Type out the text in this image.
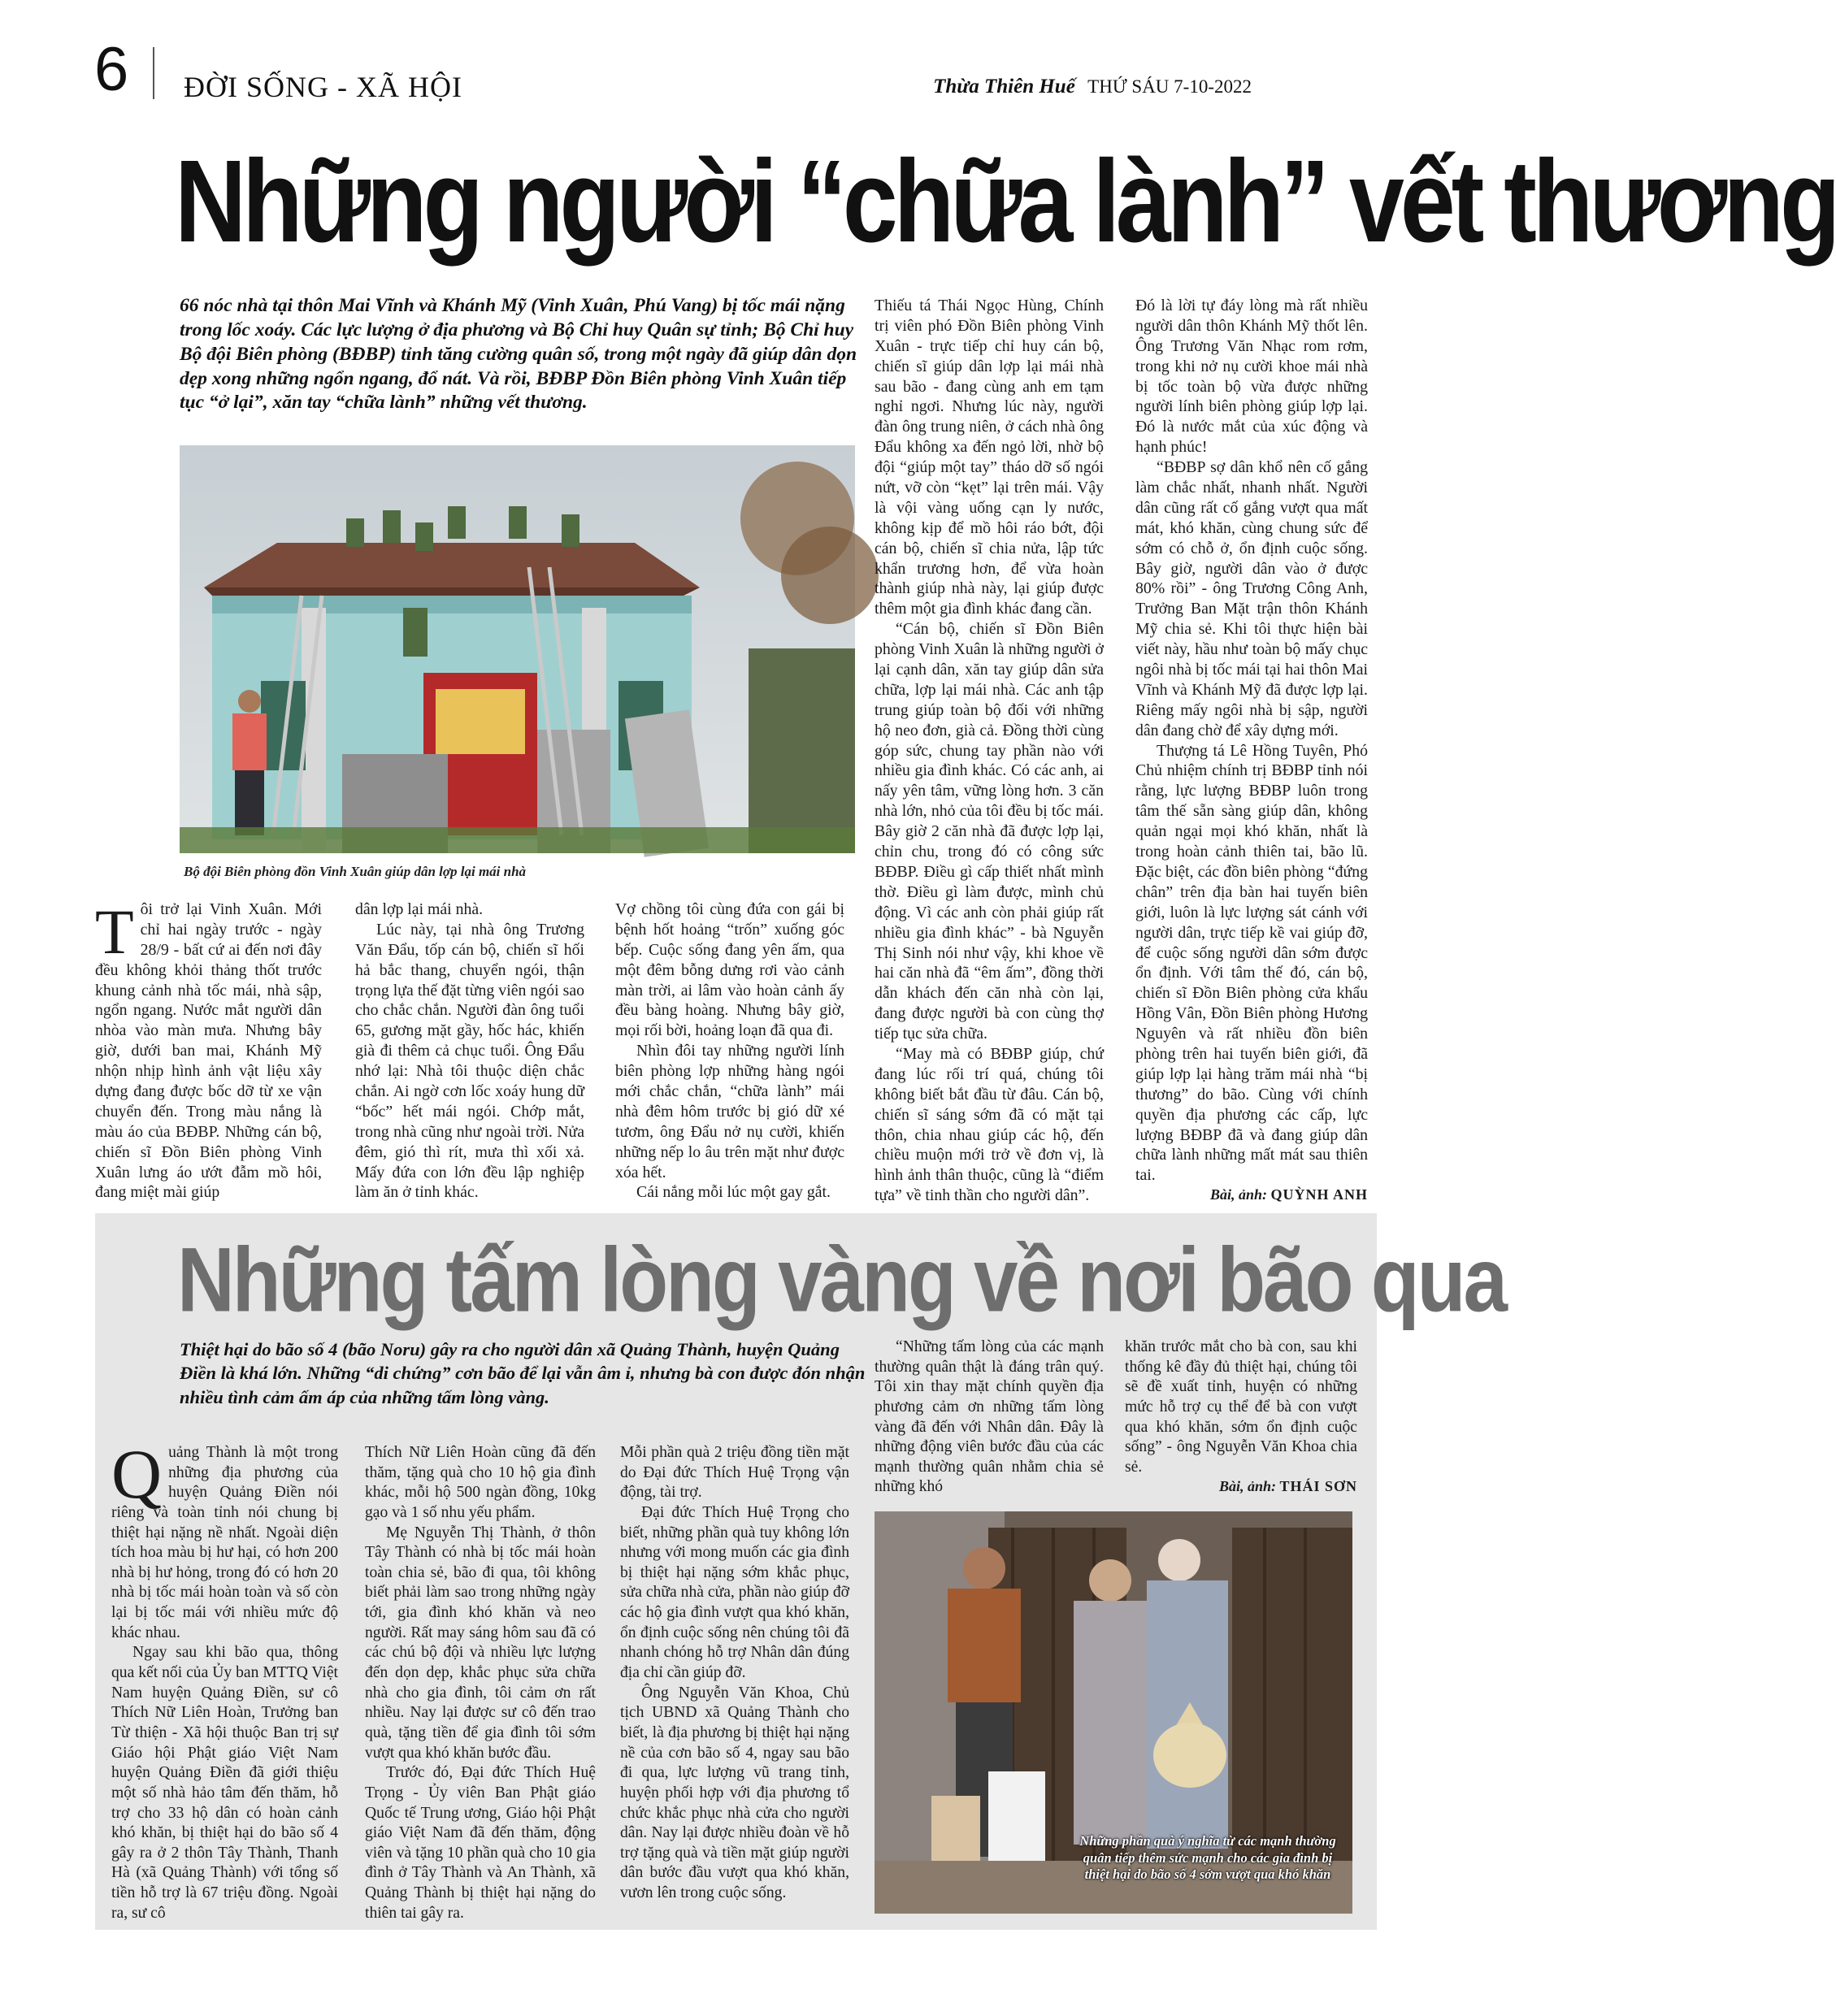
6 ĐỜI SỐNG - XÃ HỘI	Thừa Thiên Huế THỨ SÁU 7-10-2022
Những người “chữa lành” vết thương
66 nóc nhà tại thôn Mai Vĩnh và Khánh Mỹ (Vinh Xuân, Phú Vang) bị tốc mái nặng trong lốc xoáy. Các lực lượng ở địa phương và Bộ Chỉ huy Quân sự tỉnh; Bộ Chỉ huy Bộ đội Biên phòng (BĐBP) tỉnh tăng cường quân số, trong một ngày đã giúp dân dọn dẹp xong những ngổn ngang, đổ nát. Và rồi, BĐBP Đồn Biên phòng Vinh Xuân tiếp tục “ở lại”, xăn tay “chữa lành” những vết thương.
Bộ đội Biên phòng đồn Vinh Xuân giúp dân lợp lại mái nhà

Tôi trở lại Vinh Xuân. Mới chỉ hai ngày trước - ngày 28/9 - bất cứ ai đến nơi đây đều không khỏi thảng thốt trước khung cảnh nhà tốc mái, nhà sập, ngổn ngang. Nước mắt người dân nhòa vào màn mưa. Nhưng bây giờ, dưới ban mai, Khánh Mỹ nhộn nhịp hình ảnh vật liệu xây dựng đang được bốc dỡ từ xe vận chuyển đến. Trong màu nắng là màu áo của BĐBP. Những cán bộ, chiến sĩ Đồn Biên phòng Vinh Xuân lưng áo ướt đẫm mồ hôi, đang miệt mài giúp

dân lợp lại mái nhà.

Lúc này, tại nhà ông Trương Văn Đẩu, tốp cán bộ, chiến sĩ hối hả bắc thang, chuyển ngói, thận trọng lựa thế đặt từng viên ngói sao cho chắc chắn. Người đàn ông tuổi 65, gương mặt gầy, hốc hác, khiến già đi thêm cả chục tuổi. Ông Đẩu nhớ lại: Nhà tôi thuộc diện chắc chắn. Ai ngờ cơn lốc xoáy hung dữ “bốc” hết mái ngói. Chớp mắt, trong nhà cũng như ngoài trời. Nửa đêm, gió thì rít, mưa thì xối xả. Mấy đứa con lớn đều lập nghiệp làm ăn ở tỉnh khác.

Vợ chồng tôi cùng đứa con gái bị bệnh hốt hoảng “trốn” xuống góc bếp. Cuộc sống đang yên ấm, qua một đêm bỗng dưng rơi vào cảnh màn trời, ai lâm vào hoàn cảnh ấy đều bàng hoàng. Nhưng bây giờ, mọi rối bời, hoảng loạn đã qua đi.

Nhìn đôi tay những người lính biên phòng lợp những hàng ngói mới chắc chắn, “chữa lành” mái nhà đêm hôm trước bị gió dữ xé tươm, ông Đẩu nở nụ cười, khiến những nếp lo âu trên mặt như được xóa hết.

Cái nắng mỗi lúc một gay gắt.

Thiếu tá Thái Ngọc Hùng, Chính trị viên phó Đồn Biên phòng Vinh Xuân - trực tiếp chỉ huy cán bộ, chiến sĩ giúp dân lợp lại mái nhà sau bão - đang cùng anh em tạm nghỉ ngơi. Nhưng lúc này, người đàn ông trung niên, ở cách nhà ông Đẩu không xa đến ngỏ lời, nhờ bộ đội “giúp một tay” tháo dỡ số ngói nứt, vỡ còn “kẹt” lại trên mái. Vậy là vội vàng uống cạn ly nước, không kịp để mồ hôi ráo bớt, đội cán bộ, chiến sĩ chia nửa, lập tức khẩn trương hơn, để vừa hoàn thành giúp nhà này, lại giúp được thêm một gia đình khác đang cần.

“Cán bộ, chiến sĩ Đồn Biên phòng Vinh Xuân là những người ở lại cạnh dân, xăn tay giúp dân sửa chữa, lợp lại mái nhà. Các anh tập trung giúp toàn bộ đối với những hộ neo đơn, già cả. Đồng thời cùng góp sức, chung tay phần nào với nhiều gia đình khác. Có các anh, ai nấy yên tâm, vững lòng hơn. 3 căn nhà lớn, nhỏ của tôi đều bị tốc mái. Bây giờ 2 căn nhà đã được lợp lại, chỉn chu, trong đó có công sức BĐBP. Điều gì cấp thiết nhất mình thờ. Điều gì làm được, mình chủ động. Vì các anh còn phải giúp rất nhiều gia đình khác” - bà Nguyễn Thị Sinh nói như vậy, khi khoe về hai căn nhà đã “êm ấm”, đồng thời dẫn khách đến căn nhà còn lại, đang được người bà con cùng thợ tiếp tục sửa chữa.

“May mà có BĐBP giúp, chứ đang lúc rối trí quá, chúng tôi không biết bắt đầu từ đâu. Cán bộ, chiến sĩ sáng sớm đã có mặt tại thôn, chia nhau giúp các hộ, đến chiều muộn mới trở về đơn vị, là hình ảnh thân thuộc, cũng là “điểm tựa” về tinh thần cho người dân”.

Đó là lời tự đáy lòng mà rất nhiều người dân thôn Khánh Mỹ thốt lên. Ông Trương Văn Nhạc rom rơm, trong khi nở nụ cười khoe mái nhà bị tốc toàn bộ vừa được những người lính biên phòng giúp lợp lại. Đó là nước mắt của xúc động và hạnh phúc!

“BĐBP sợ dân khổ nên cố gắng làm chắc nhất, nhanh nhất. Người dân cũng rất cố gắng vượt qua mất mát, khó khăn, cùng chung sức để sớm có chỗ ở, ổn định cuộc sống. Bây giờ, người dân vào ở được 80% rồi” - ông Trương Công Anh, Trưởng Ban Mặt trận thôn Khánh Mỹ chia sẻ. Khi tôi thực hiện bài viết này, hầu như toàn bộ mấy chục ngôi nhà bị tốc mái tại hai thôn Mai Vĩnh và Khánh Mỹ đã được lợp lại. Riêng mấy ngôi nhà bị sập, người dân đang chờ để xây dựng mới.

Thượng tá Lê Hồng Tuyên, Phó Chủ nhiệm chính trị BĐBP tỉnh nói rằng, lực lượng BĐBP luôn trong tâm thế sẵn sàng giúp dân, không quản ngại mọi khó khăn, nhất là trong hoàn cảnh thiên tai, bão lũ. Đặc biệt, các đồn biên phòng “đứng chân” trên địa bàn hai tuyến biên giới, luôn là lực lượng sát cánh với người dân, trực tiếp kề vai giúp đỡ, để cuộc sống người dân sớm được ổn định. Với tâm thế đó, cán bộ, chiến sĩ Đồn Biên phòng cửa khẩu Hồng Vân, Đồn Biên phòng Hương Nguyên và rất nhiều đồn biên phòng trên hai tuyến biên giới, đã giúp lợp lại hàng trăm mái nhà “bị thương” do bão. Cùng với chính quyền địa phương các cấp, lực lượng BĐBP đã và đang giúp dân chữa lành những mất mát sau thiên tai.

Bài, ảnh: QUỲNH ANH
Những tấm lòng vàng về nơi bão qua
Thiệt hại do bão số 4 (bão Noru) gây ra cho người dân xã Quảng Thành, huyện Quảng Điền là khá lớn. Những “di chứng” cơn bão để lại vẫn âm ỉ, nhưng bà con được đón nhận nhiều tình cảm ấm áp của những tấm lòng vàng.

Quảng Thành là một trong những địa phương của huyện Quảng Điền nói riêng và toàn tỉnh nói chung bị thiệt hại nặng nề nhất. Ngoài diện tích hoa màu bị hư hại, có hơn 200 nhà bị hư hỏng, trong đó có hơn 20 nhà bị tốc mái hoàn toàn và số còn lại bị tốc mái với nhiều mức độ khác nhau.

Ngay sau khi bão qua, thông qua kết nối của Ủy ban MTTQ Việt Nam huyện Quảng Điền, sư cô Thích Nữ Liên Hoàn, Trưởng ban Từ thiện - Xã hội thuộc Ban trị sự Giáo hội Phật giáo Việt Nam huyện Quảng Điền đã giới thiệu một số nhà hảo tâm đến thăm, hỗ trợ cho 33 hộ dân có hoàn cảnh khó khăn, bị thiệt hại do bão số 4 gây ra ở 2 thôn Tây Thành, Thanh Hà (xã Quảng Thành) với tổng số tiền hỗ trợ là 67 triệu đồng. Ngoài ra, sư cô

Thích Nữ Liên Hoàn cũng đã đến thăm, tặng quà cho 10 hộ gia đình khác, mỗi hộ 500 ngàn đồng, 10kg gạo và 1 số nhu yếu phẩm.

Mẹ Nguyễn Thị Thành, ở thôn Tây Thành có nhà bị tốc mái hoàn toàn chia sẻ, bão đi qua, tôi không biết phải làm sao trong những ngày tới, gia đình khó khăn và neo người. Rất may sáng hôm sau đã có các chú bộ đội và nhiều lực lượng đến dọn dẹp, khắc phục sửa chữa nhà cho gia đình, tôi cảm ơn rất nhiều. Nay lại được sư cô đến trao quà, tặng tiền để gia đình tôi sớm vượt qua khó khăn bước đầu.

Trước đó, Đại đức Thích Huệ Trọng - Ủy viên Ban Phật giáo Quốc tế Trung ương, Giáo hội Phật giáo Việt Nam đã đến thăm, động viên và tặng 10 phần quà cho 10 gia đình ở Tây Thành và An Thành, xã Quảng Thành bị thiệt hại nặng do thiên tai gây ra.

Mỗi phần quà 2 triệu đồng tiền mặt do Đại đức Thích Huệ Trọng vận động, tài trợ.

Đại đức Thích Huệ Trọng cho biết, những phần quà tuy không lớn nhưng với mong muốn các gia đình bị thiệt hại nặng sớm khắc phục, sửa chữa nhà cửa, phần nào giúp đỡ các hộ gia đình vượt qua khó khăn, ổn định cuộc sống nên chúng tôi đã nhanh chóng hỗ trợ Nhân dân đúng địa chỉ cần giúp đỡ.

Ông Nguyễn Văn Khoa, Chủ tịch UBND xã Quảng Thành cho biết, là địa phương bị thiệt hại nặng nề của cơn bão số 4, ngay sau bão đi qua, lực lượng vũ trang tỉnh, huyện phối hợp với địa phương tổ chức khắc phục nhà cửa cho người dân. Nay lại được nhiều đoàn về hỗ trợ tặng quà và tiền mặt giúp người dân bước đầu vượt qua khó khăn, vươn lên trong cuộc sống.

“Những tấm lòng của các mạnh thường quân thật là đáng trân quý. Tôi xin thay mặt chính quyền địa phương cảm ơn những tấm lòng vàng đã đến với Nhân dân. Đây là những động viên bước đầu của các mạnh thường quân nhằm chia sẻ những khó

khăn trước mắt cho bà con, sau khi thống kê đầy đủ thiệt hại, chúng tôi sẽ đề xuất tỉnh, huyện có những mức hỗ trợ cụ thể để bà con vượt qua khó khăn, sớm ổn định cuộc sống” - ông Nguyễn Văn Khoa chia sẻ.

Bài, ảnh: THÁI SƠN
Những phần quà ý nghĩa từ các mạnh thường quân tiếp thêm sức mạnh cho các gia đình bị thiệt hại do bão số 4 sớm vượt qua khó khăn
